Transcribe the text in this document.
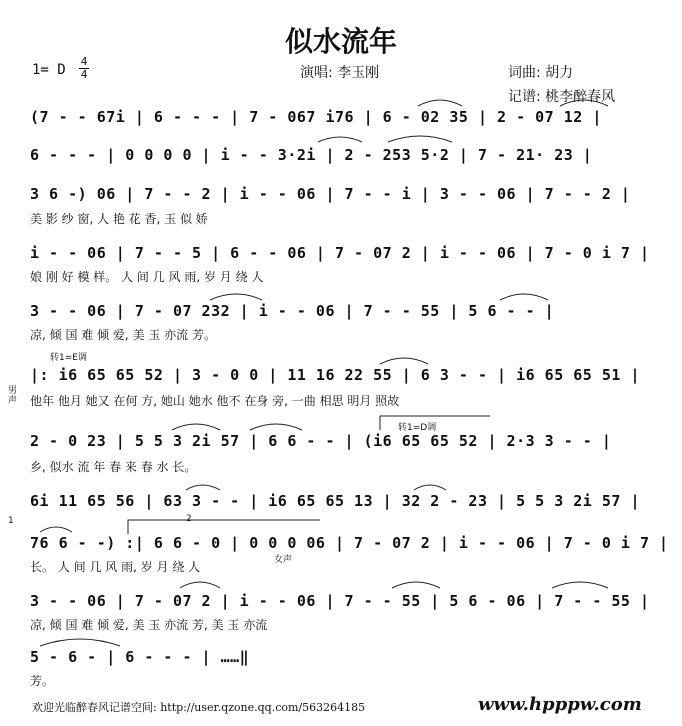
似水流年
1= D
4
4	演唱: 李玉刚	词曲: 胡力
记谱: 桃李醉春风
(7 - - 67i | 6 - - - | 7 - 067 i76 | 6 - 02 35 | 2 - 07 12 |
6 - - - | 0 0 0 0 | i - - 3·2i | 2 - 253 5·2 | 7 - 21· 23 |
3 6 -) 06 | 7 - - 2 | i - - 06 | 7 - - i | 3 - - 06 | 7 - - 2 |
美 影 纱 窗, 人 艳 花 香, 玉 似 娇
i - - 06 | 7 - - 5 | 6 - - 06 | 7 - 07 2 | i - - 06 | 7 - 0 i 7 |
娘 刚 好 模 样。 人 间 几 风 雨, 岁 月 绕 人
3 - - 06 | 7 - 07 232 | i - - 06 | 7 - - 55 | 5 6 - - |
凉, 倾 国 难 倾 爱, 美 玉 亦流 芳。
转1=E调
|: i6 65 65 52 | 3 - 0 0 | 11 16 22 55 | 6 3 - - | i6 65 65 51 |
男声 他年 他月 她又 在何 方, 她山 她水 他不 在身 旁, 一曲 相思 明月 照故
转1=D调
2 - 0 23 | 5 5 3 2i 57 | 6 6 - - | (i6 65 65 52 | 2·3 3 - - |
乡, 似水 流 年 春 来 春 水 长。
6i 11 65 56 | 63 3 - - | i6 65 65 13 | 32 2 - 23 | 5 5 3 2i 57 |
2
1
76 6 - -) :| 6 6 - 0 | 0 0 0 06 | 7 - 07 2 | i - - 06 | 7 - 0 i 7 |
女声
长。 人 间 几 风 雨, 岁 月 绕 人
3 - - 06 | 7 - 07 2 | i - - 06 | 7 - - 55 | 5 6 - 06 | 7 - - 55 |
凉, 倾 国 难 倾 爱, 美 玉 亦流 芳, 美 玉 亦流
5 - 6 - | 6 - - - | ……‖
芳。
欢迎光临醉春风记谱空间: http://user.qzone.qq.com/563264185	www.hpppw.com
